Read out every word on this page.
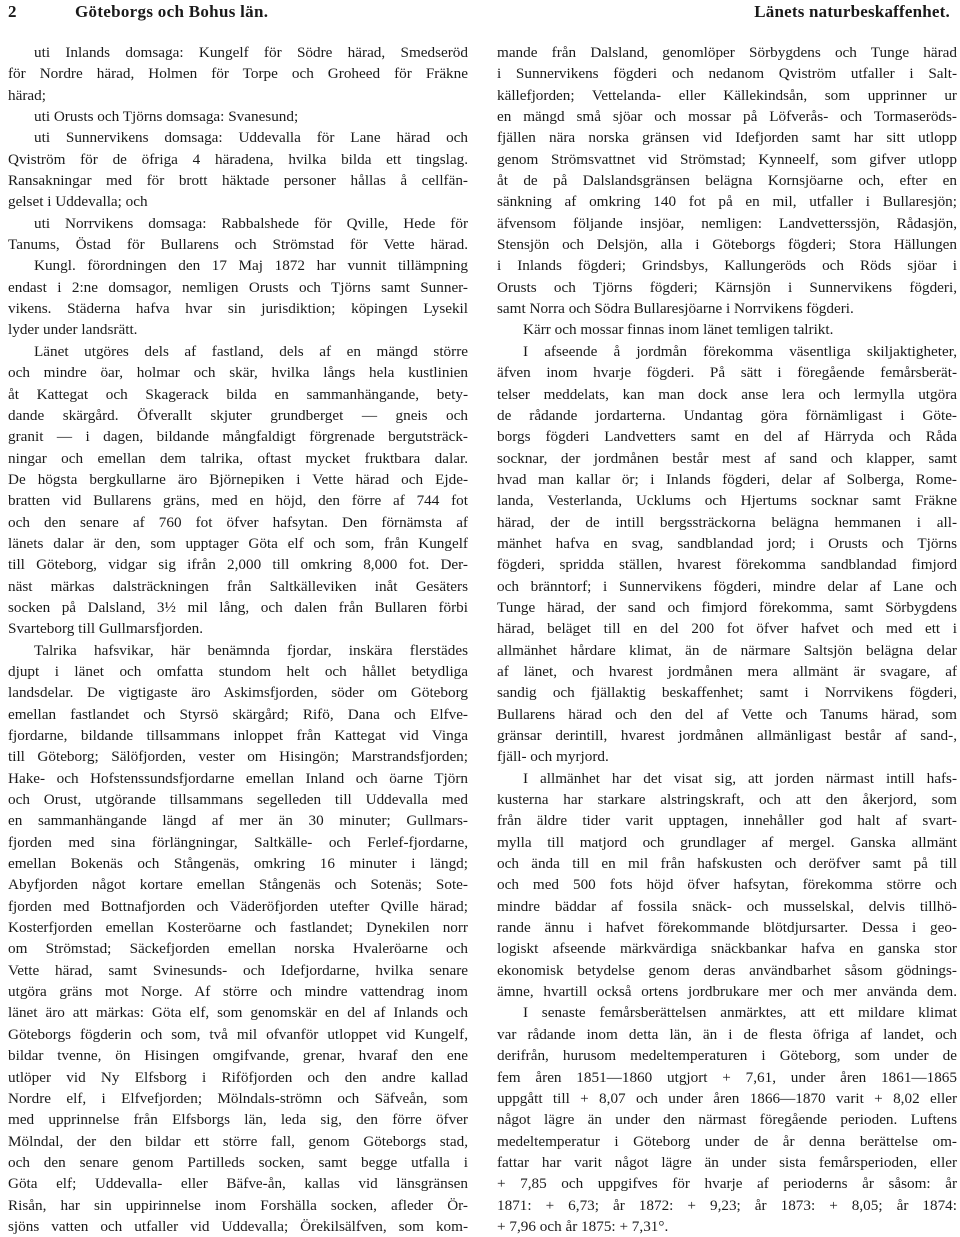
2	Göteborgs och Bohus län.	Länets naturbeskaffenhet.
uti Inlands domsaga: Kungelf för Södre härad, Smedseröd
för Nordre härad, Holmen för Torpe och Groheed för Fräkne
härad;
uti Orusts och Tjörns domsaga: Svanesund;
uti Sunnervikens domsaga: Uddevalla för Lane härad och
Qviström för de öfriga 4 häradena, hvilka bilda ett tingslag.
Ransakningar med för brott häktade personer hållas å cellfän-
gelset i Uddevalla; och
uti Norrvikens domsaga: Rabbalshede för Qville, Hede för
Tanums, Östad för Bullarens och Strömstad för Vette härad.
Kungl. förordningen den 17 Maj 1872 har vunnit tillämpning
endast i 2:ne domsagor, nemligen Orusts och Tjörns samt Sunner-
vikens. Städerna hafva hvar sin jurisdiktion; köpingen Lysekil
lyder under landsrätt.
Länet utgöres dels af fastland, dels af en mängd större
och mindre öar, holmar och skär, hvilka långs hela kustlinien
åt Kattegat och Skagerack bilda en sammanhängande, bety-
dande skärgård. Öfverallt skjuter grundberget — gneis och
granit — i dagen, bildande mångfaldigt förgrenade bergutsträck-
ningar och emellan dem talrika, oftast mycket fruktbara dalar.
De högsta bergkullarne äro Björnepiken i Vette härad och Ejde-
bratten vid Bullarens gräns, med en höjd, den förre af 744 fot
och den senare af 760 fot öfver hafsytan. Den förnämsta af
länets dalar är den, som upptager Göta elf och som, från Kungelf
till Göteborg, vidgar sig ifrån 2,000 till omkring 8,000 fot. Der-
näst märkas dalsträckningen från Saltkälleviken inåt Gesäters
socken på Dalsland, 3½ mil lång, och dalen från Bullaren förbi
Svarteborg till Gullmarsfjorden.
Talrika hafsvikar, här benämnda fjordar, inskära flerstädes
djupt i länet och omfatta stundom helt och hållet betydliga
landsdelar. De vigtigaste äro Askimsfjorden, söder om Göteborg
emellan fastlandet och Styrsö skärgård; Rifö, Dana och Elfve-
fjordarne, bildande tillsammans inloppet från Kattegat vid Vinga
till Göteborg; Sälöfjorden, vester om Hisingön; Marstrandsfjorden;
Hake- och Hofstenssundsfjordarne emellan Inland och öarne Tjörn
och Orust, utgörande tillsammans segelleden till Uddevalla med
en sammanhängande längd af mer än 30 minuter; Gullmars-
fjorden med sina förlängningar, Saltkälle- och Ferlef-fjordarne,
emellan Bokenäs och Stångenäs, omkring 16 minuter i längd;
Abyfjorden något kortare emellan Stångenäs och Sotenäs; Sote-
fjorden med Bottnafjorden och Väderöfjorden utefter Qville härad;
Kosterfjorden emellan Kosteröarne och fastlandet; Dynekilen norr
om Strömstad; Säckefjorden emellan norska Hvaleröarne och
Vette härad, samt Svinesunds- och Idefjordarne, hvilka senare
utgöra gräns mot Norge. Af större och mindre vattendrag inom
länet äro att märkas: Göta elf, som genomskär en del af Inlands och
Göteborgs fögderin och som, två mil ofvanför utloppet vid Kungelf,
bildar tvenne, ön Hisingen omgifvande, grenar, hvaraf den ene
utlöper vid Ny Elfsborg i Riföfjorden och den andre kallad
Nordre elf, i Elfvefjorden; Mölndals-strömn och Säfveån, som
med upprinnelse från Elfsborgs län, leda sig, den förre öfver
Mölndal, der den bildar ett större fall, genom Göteborgs stad,
och den senare genom Partilleds socken, samt begge utfalla i
Göta elf; Uddevalla- eller Bäfve-ån, kallas vid länsgränsen
Risån, har sin uppirinnelse inom Forshälla socken, afleder Ör-
sjöns vatten och utfaller vid Uddevalla; Örekilsälfven, som kom-
mande från Dalsland, genomlöper Sörbygdens och Tunge härad
i Sunnervikens fögderi och nedanom Qviström utfaller i Salt-
källefjorden; Vettelanda- eller Källekindsån, som upprinner ur
en mängd små sjöar och mossar på Löfverås- och Tormaseröds-
fjällen nära norska gränsen vid Idefjorden samt har sitt utlopp
genom Strömsvattnet vid Strömstad; Kynneelf, som gifver utlopp
åt de på Dalslandsgränsen belägna Kornsjöarne och, efter en
sänkning af omkring 140 fot på en mil, utfaller i Bullaresjön;
äfvensom följande insjöar, nemligen: Landvetterssjön, Rådasjön,
Stensjön och Delsjön, alla i Göteborgs fögderi; Stora Hällungen
i Inlands fögderi; Grindsbys, Kallungeröds och Röds sjöar i
Orusts och Tjörns fögderi; Kärnsjön i Sunnervikens fögderi,
samt Norra och Södra Bullaresjöarne i Norrvikens fögderi.
Kärr och mossar finnas inom länet temligen talrikt.
I afseende å jordmån förekomma väsentliga skiljaktigheter,
äfven inom hvarje fögderi. På sätt i föregående femårsberät-
telser meddelats, kan man dock anse lera och lermylla utgöra
de rådande jordarterna. Undantag göra förnämligast i Göte-
borgs fögderi Landvetters samt en del af Härryda och Råda
socknar, der jordmånen består mest af sand och klapper, samt
hvad man kallar ör; i Inlands fögderi, delar af Solberga, Rome-
landa, Vesterlanda, Ucklums och Hjertums socknar samt Fräkne
härad, der de intill bergssträckorna belägna hemmanen i all-
mänhet hafva en svag, sandblandad jord; i Orusts och Tjörns
fögderi, spridda ställen, hvarest förekomma sandblandad fimjord
och bränntorf; i Sunnervikens fögderi, mindre delar af Lane och
Tunge härad, der sand och fimjord förekomma, samt Sörbygdens
härad, beläget till en del 200 fot öfver hafvet och med ett i
allmänhet hårdare klimat, än de närmare Saltsjön belägna delar
af länet, och hvarest jordmånen mera allmänt är svagare, af
sandig och fjällaktig beskaffenhet; samt i Norrvikens fögderi,
Bullarens härad och den del af Vette och Tanums härad, som
gränsar derintill, hvarest jordmånen allmänligast består af sand-,
fjäll- och myrjord.
I allmänhet har det visat sig, att jorden närmast intill hafs-
kusterna har starkare alstringskraft, och att den åkerjord, som
från äldre tider varit upptagen, innehåller god halt af svart-
mylla till matjord och grundlager af mergel. Ganska allmänt
och ända till en mil från hafskusten och deröfver samt på till
och med 500 fots höjd öfver hafsytan, förekomma större och
mindre bäddar af fossila snäck- och musselskal, delvis tillhö-
rande ännu i hafvet förekommande blötdjursarter. Dessa i geo-
logiskt afseende märkvärdiga snäckbankar hafva en ganska stor
ekonomisk betydelse genom deras användbarhet såsom gödnings-
ämne, hvartill också ortens jordbrukare mer och mer använda dem.
I senaste femårsberättelsen anmärktes, att ett mildare klimat
var rådande inom detta län, än i de flesta öfriga af landet, och
derifrån, hurusom medeltemperaturen i Göteborg, som under de
fem åren 1851—1860 utgjort + 7,61, under åren 1861—1865
uppgått till + 8,07 och under åren 1866—1870 varit + 8,02 eller
något lägre än under den närmast föregående perioden. Luftens
medeltemperatur i Göteborg under de år denna berättelse om-
fattar har varit något lägre än under sista femårsperioden, eller
+ 7,85 och uppgifves för hvarje af perioderns år såsom: år
1871: + 6,73; år 1872: + 9,23; år 1873: + 8,05; år 1874:
+ 7,96 och år 1875: + 7,31°.
